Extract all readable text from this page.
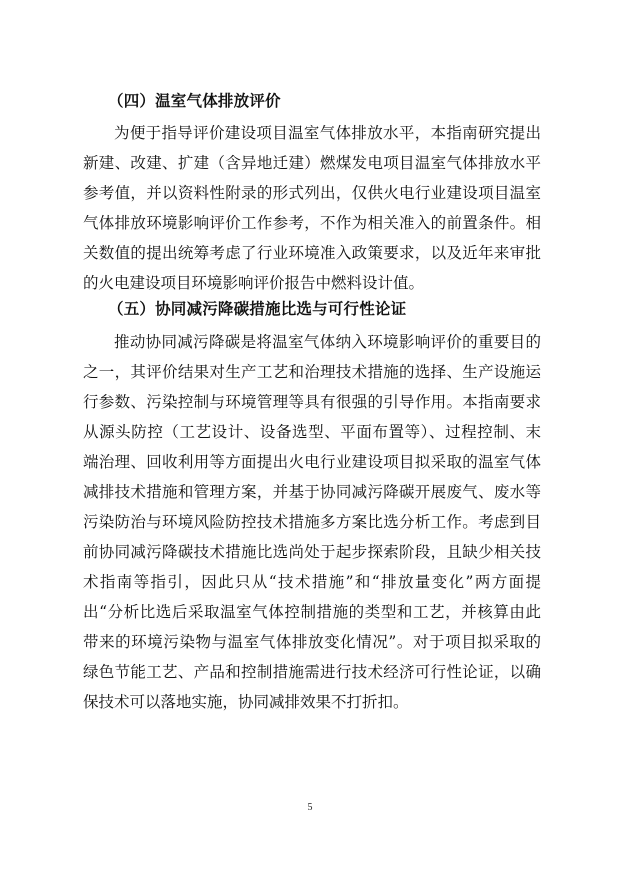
（四）温室气体排放评价
为便于指导评价建设项目温室气体排放水平，本指南研究提出
新建、改建、扩建（含异地迁建）燃煤发电项目温室气体排放水平
参考值，并以资料性附录的形式列出，仅供火电行业建设项目温室
气体排放环境影响评价工作参考，不作为相关准入的前置条件。相
关数值的提出统筹考虑了行业环境准入政策要求，以及近年来审批
的火电建设项目环境影响评价报告中燃料设计值。
（五）协同减污降碳措施比选与可行性论证
推动协同减污降碳是将温室气体纳入环境影响评价的重要目的
之一，其评价结果对生产工艺和治理技术措施的选择、生产设施运
行参数、污染控制与环境管理等具有很强的引导作用。本指南要求
从源头防控（工艺设计、设备选型、平面布置等）、过程控制、末
端治理、回收利用等方面提出火电行业建设项目拟采取的温室气体
减排技术措施和管理方案，并基于协同减污降碳开展废气、废水等
污染防治与环境风险防控技术措施多方案比选分析工作。考虑到目
前协同减污降碳技术措施比选尚处于起步探索阶段，且缺少相关技
术指南等指引，因此只从“技术措施”和“排放量变化”两方面提
出“分析比选后采取温室气体控制措施的类型和工艺，并核算由此
带来的环境污染物与温室气体排放变化情况”。对于项目拟采取的
绿色节能工艺、产品和控制措施需进行技术经济可行性论证，以确
保技术可以落地实施，协同减排效果不打折扣。
5
